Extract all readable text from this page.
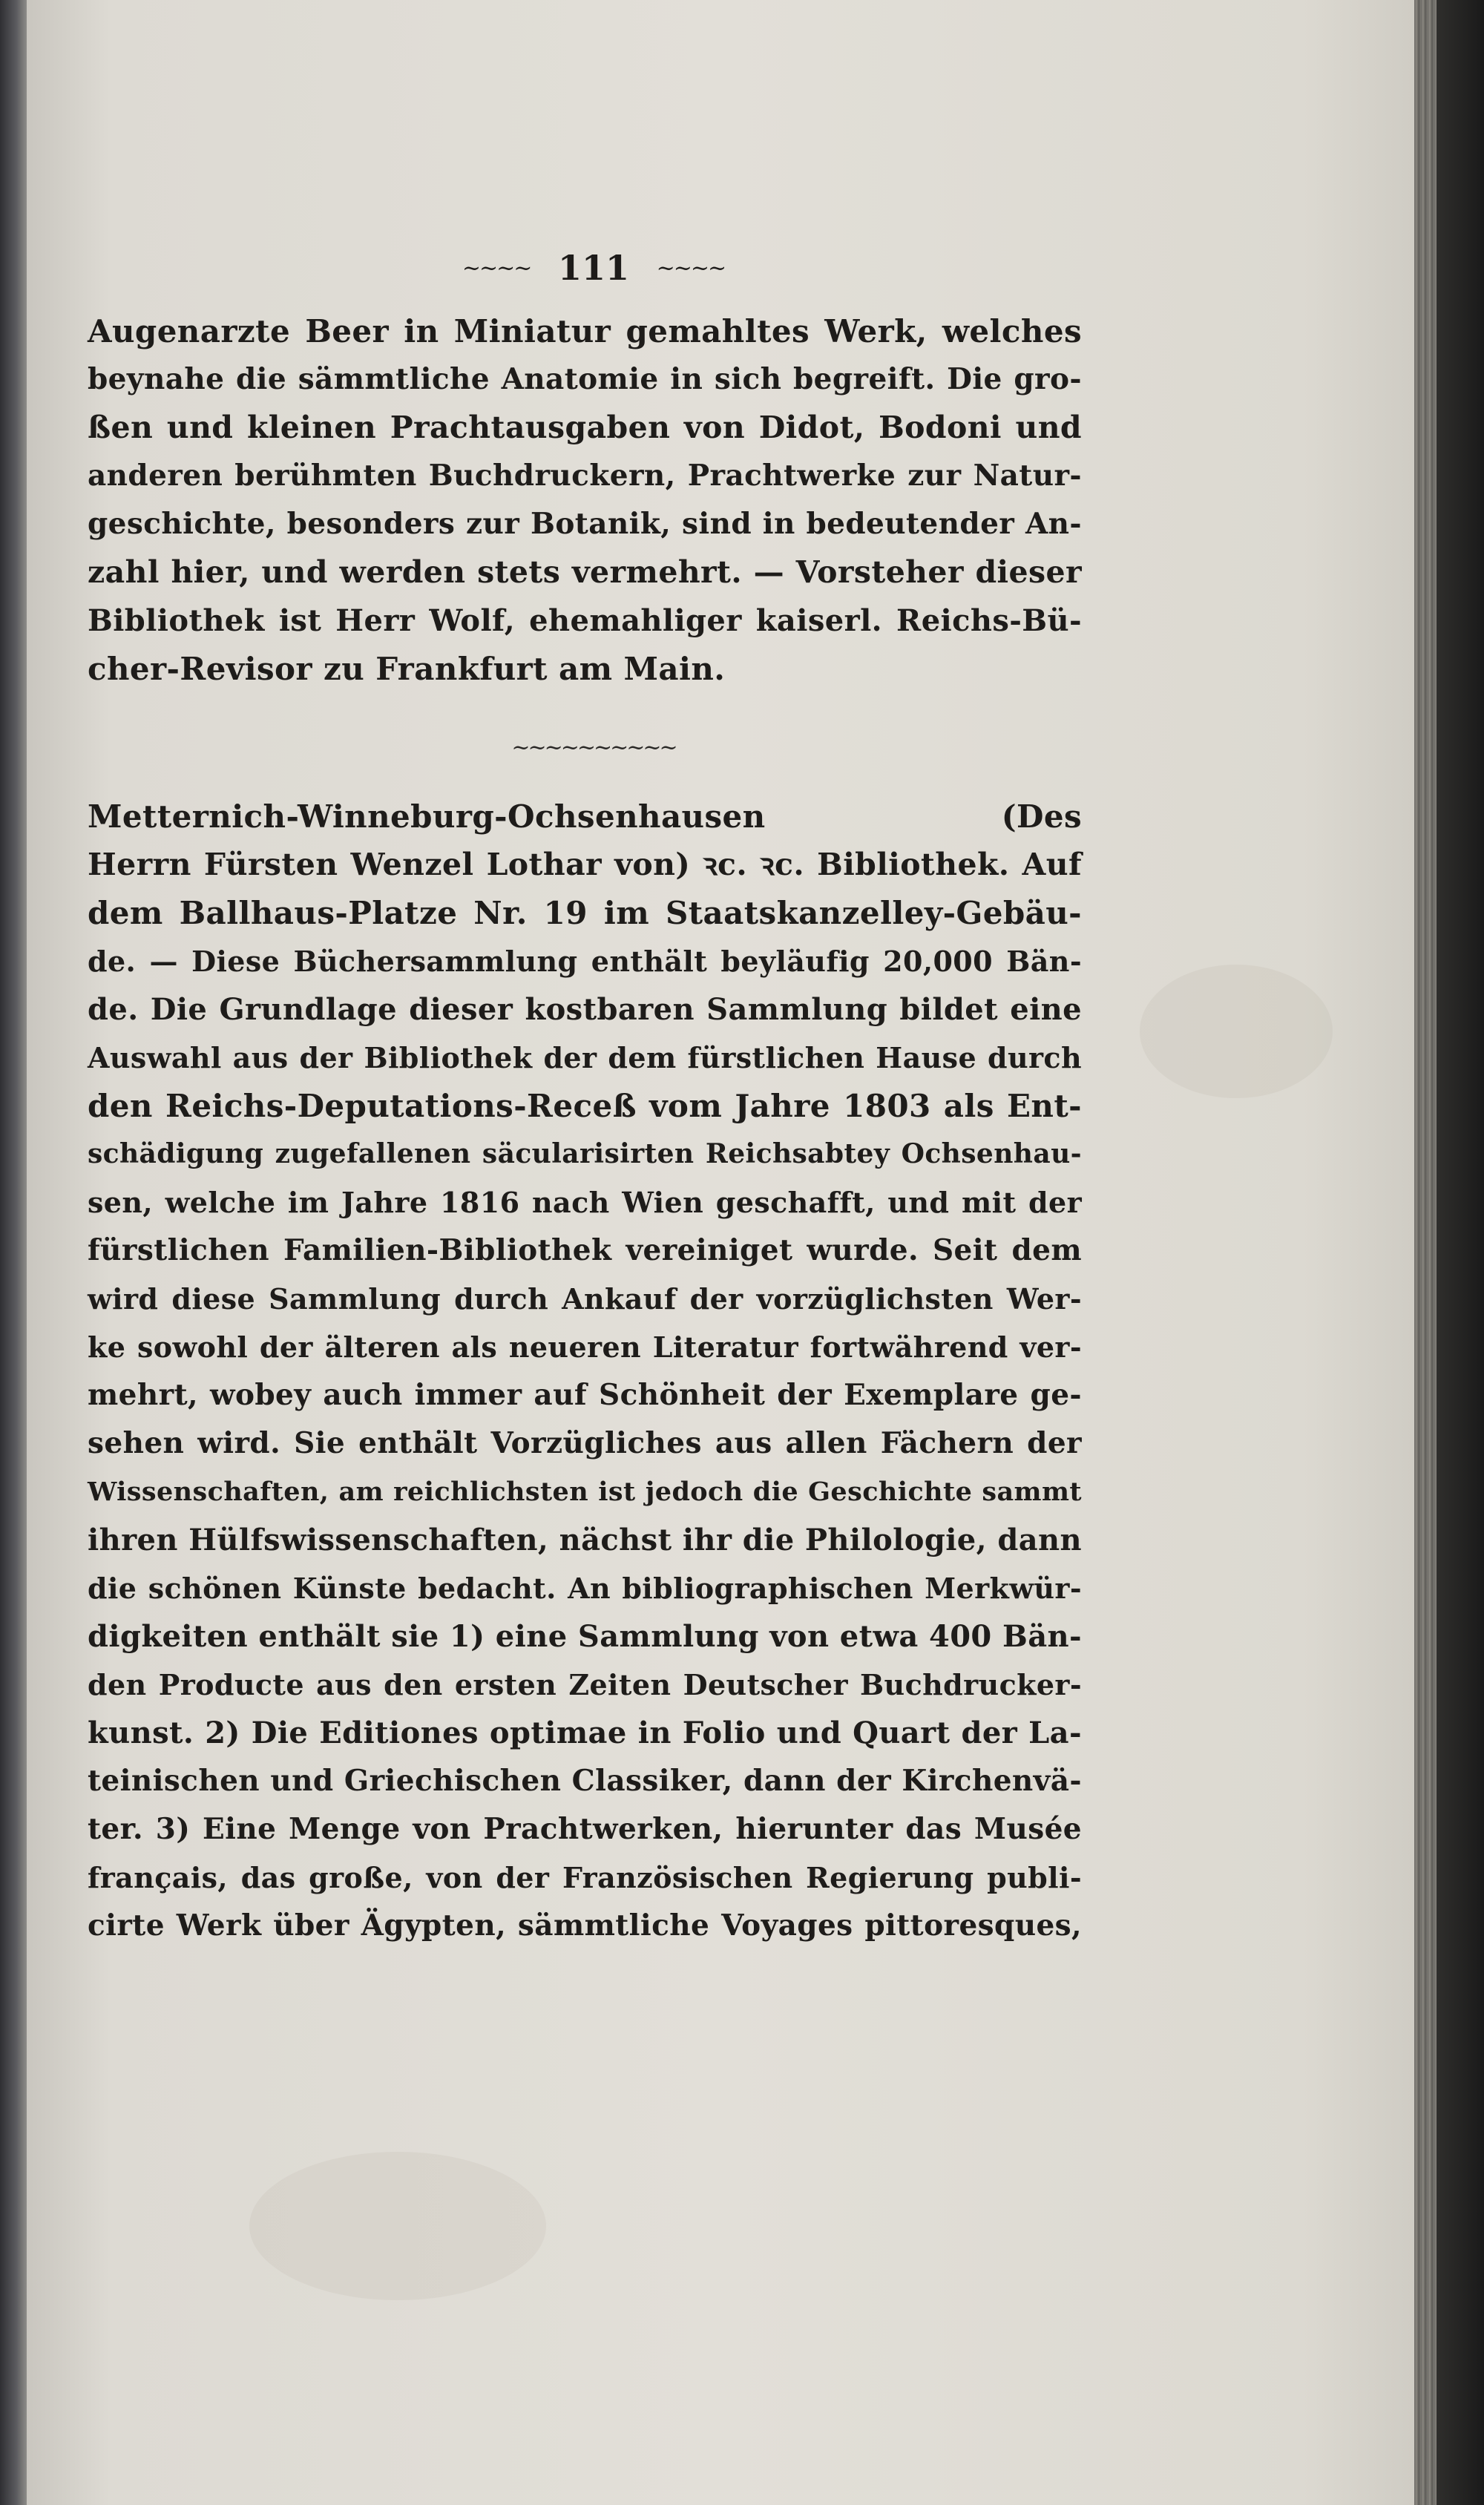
~~~~ 111 ~~~~
Augenarzte Beer in Miniatur gemahltes Werk, welches
beynahe die sämmtliche Anatomie in sich begreift. Die gro-
ßen und kleinen Prachtausgaben von Didot, Bodoni und
anderen berühmten Buchdruckern, Prachtwerke zur Natur-
geschichte, besonders zur Botanik, sind in bedeutender An-
zahl hier, und werden stets vermehrt. — Vorsteher dieser
Bibliothek ist Herr Wolf, ehemahliger kaiserl. Reichs-Bü-
cher-Revisor zu Frankfurt am Main.
~~~~~~~~~~
Metternich-Winneburg-Ochsenhausen (Des
Herrn Fürsten Wenzel Lothar von) ꝛc. ꝛc. Bibliothek. Auf
dem Ballhaus-Platze Nr. 19 im Staatskanzelley-Gebäu-
de. — Diese Büchersammlung enthält beyläufig 20,000 Bän-
de. Die Grundlage dieser kostbaren Sammlung bildet eine
Auswahl aus der Bibliothek der dem fürstlichen Hause durch
den Reichs-Deputations-Receß vom Jahre 1803 als Ent-
schädigung zugefallenen säcularisirten Reichsabtey Ochsenhau-
sen, welche im Jahre 1816 nach Wien geschafft, und mit der
fürstlichen Familien-Bibliothek vereiniget wurde. Seit dem
wird diese Sammlung durch Ankauf der vorzüglichsten Wer-
ke sowohl der älteren als neueren Literatur fortwährend ver-
mehrt, wobey auch immer auf Schönheit der Exemplare ge-
sehen wird. Sie enthält Vorzügliches aus allen Fächern der
Wissenschaften, am reichlichsten ist jedoch die Geschichte sammt
ihren Hülfswissenschaften, nächst ihr die Philologie, dann
die schönen Künste bedacht. An bibliographischen Merkwür-
digkeiten enthält sie 1) eine Sammlung von etwa 400 Bän-
den Producte aus den ersten Zeiten Deutscher Buchdrucker-
kunst. 2) Die Editiones optimae in Folio und Quart der La-
teinischen und Griechischen Classiker, dann der Kirchenvä-
ter. 3) Eine Menge von Prachtwerken, hierunter das Musée
français, das große, von der Französischen Regierung publi-
cirte Werk über Ägypten, sämmtliche Voyages pittoresques,
